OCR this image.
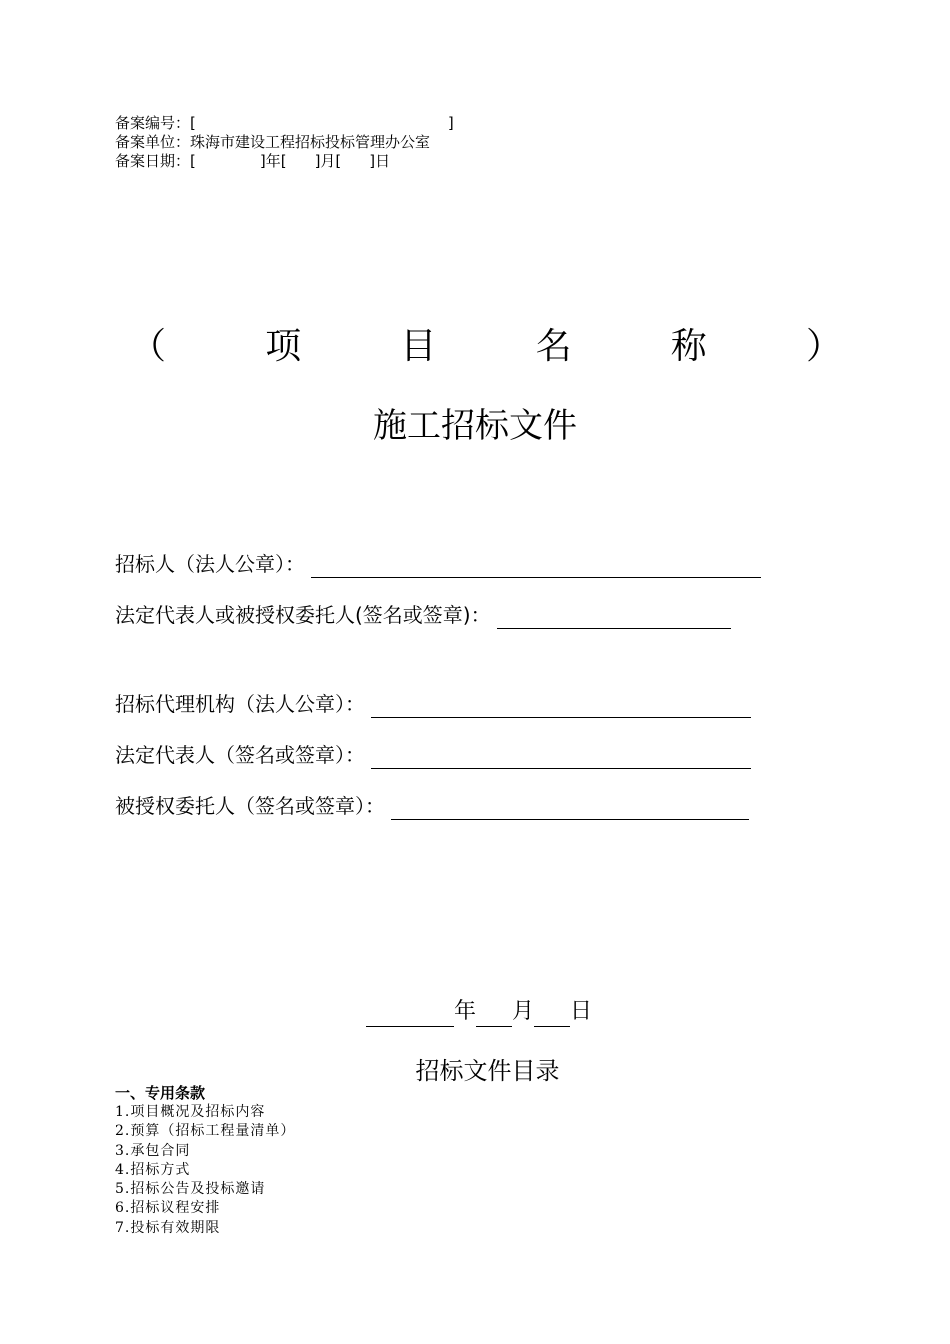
备案编号：[	]
备案单位：珠海市建设工程招标投标管理办公室
备案日期：[	]年[ ]月[ ]日
（	项	目	名	称	）
施工招标文件
招标人（法人公章）：
法定代表人或被授权委托人(签名或签章)：
招标代理机构（法人公章）：
法定代表人（签名或签章）：
被授权委托人（签名或签章）：
年 月 日
招标文件目录
一、专用条款
1.项目概况及招标内容
2.预算（招标工程量清单）
3.承包合同
4.招标方式
5.招标公告及投标邀请
6.招标议程安排
7.投标有效期限
